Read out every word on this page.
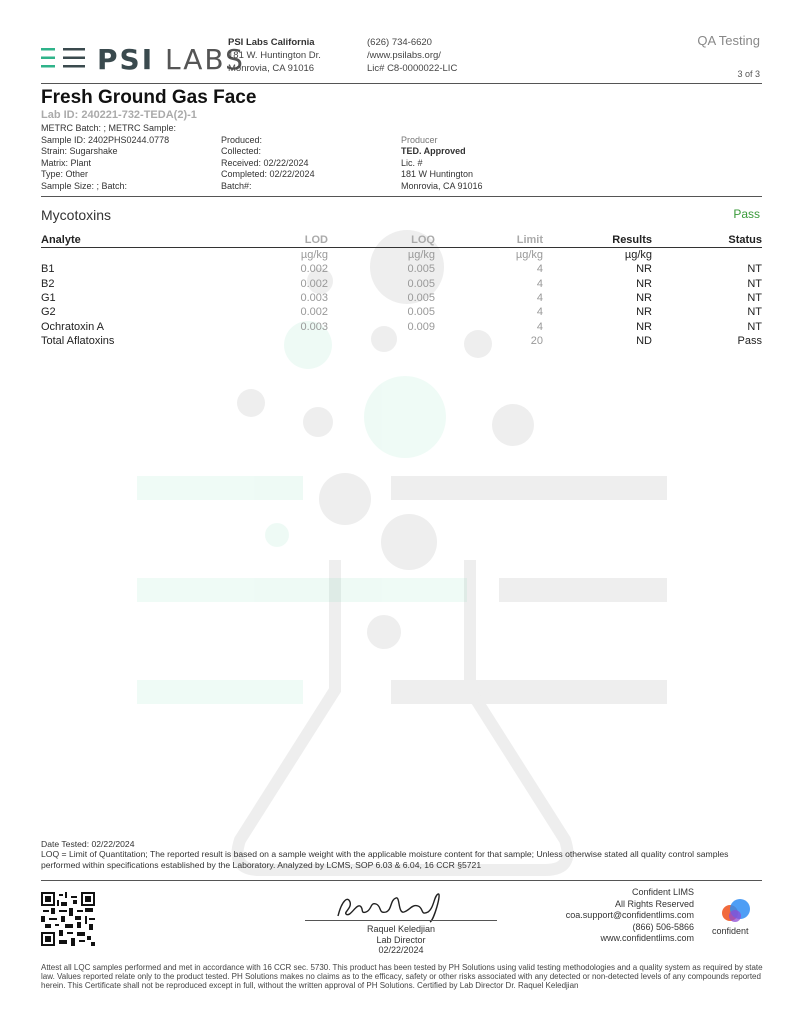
PSI LABS
PSI Labs California
181 W. Huntington Dr.
Monrovia, CA 91016
(626) 734-6620
/www.psilabs.org/
Lic# C8-0000022-LIC
QA Testing
3 of 3
Fresh Ground Gas Face
Lab ID: 240221-732-TEDA(2)-1
METRC Batch: ; METRC Sample:
Sample ID: 2402PHS0244.0778
Strain: Sugarshake
Matrix: Plant
Type: Other
Sample Size: ; Batch:
Produced:
Collected:
Received: 02/22/2024
Completed: 02/22/2024
Batch#:
Producer
TED. Approved
Lic. #
181 W Huntington
Monrovia, CA 91016
Mycotoxins	Pass
Analyte	LOD	LOQ	Limit	Results	Status
	µg/kg	µg/kg	µg/kg	µg/kg	
B1	0.002	0.005	4	NR	NT
B2	0.002	0.005	4	NR	NT
G1	0.003	0.005	4	NR	NT
G2	0.002	0.005	4	NR	NT
Ochratoxin A	0.003	0.009	4	NR	NT
Total Aflatoxins			20	ND	Pass
Date Tested: 02/22/2024
LOQ = Limit of Quantitation; The reported result is based on a sample weight with the applicable moisture content for that sample; Unless otherwise stated all quality control samples performed within specifications established by the Laboratory. Analyzed by LCMS, SOP 6.03 & 6.04, 16 CCR §5721
Raquel Keledjian
Lab Director
02/22/2024
Confident LIMS
All Rights Reserved
coa.support@confidentlims.com
(866) 506-5866
www.confidentlims.com
confident
Attest all LQC samples performed and met in accordance with 16 CCR sec. 5730. This product has been tested by PH Solutions using valid testing methodologies and a quality system as required by state law. Values reported relate only to the product tested. PH Solutions makes no claims as to the efficacy, safety or other risks associated with any detected or non-detected levels of any compounds reported herein. This Certificate shall not be reproduced except in full, without the written approval of PH Solutions. Certified by Lab Director Dr. Raquel Keledjian
